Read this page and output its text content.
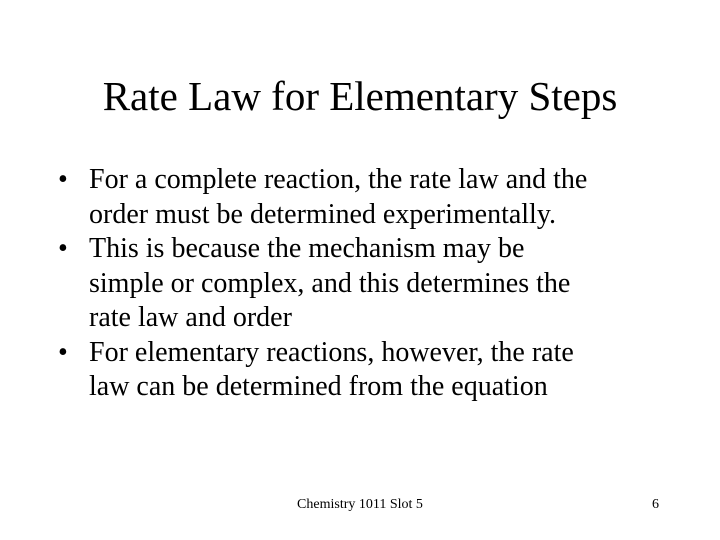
Rate Law for Elementary Steps
• For a complete reaction, the rate law and the
order must be determined experimentally.
• This is because the mechanism may be
simple or complex, and this determines the
rate law and order
• For elementary reactions, however, the rate
law can be determined from the equation
Chemistry 1011 Slot 5	6
